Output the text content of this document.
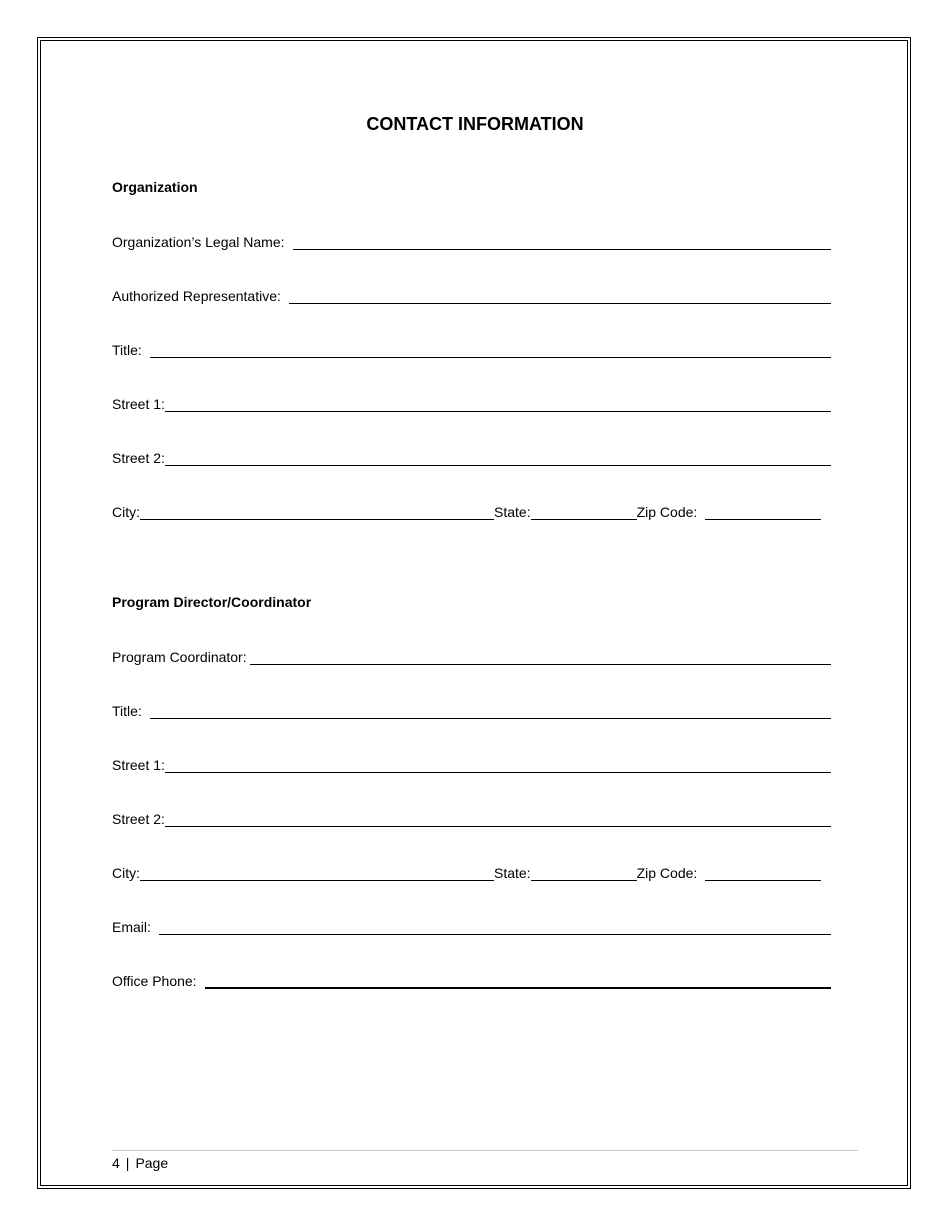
CONTACT INFORMATION
Organization
Organization’s Legal Name:
Authorized Representative:
Title:
Street 1:
Street 2:
City:	State:	Zip Code:
Program Director/Coordinator
Program Coordinator:
Title:
Street 1:
Street 2:
City:	State:	Zip Code:
Email:
Office Phone:
4 | Page
